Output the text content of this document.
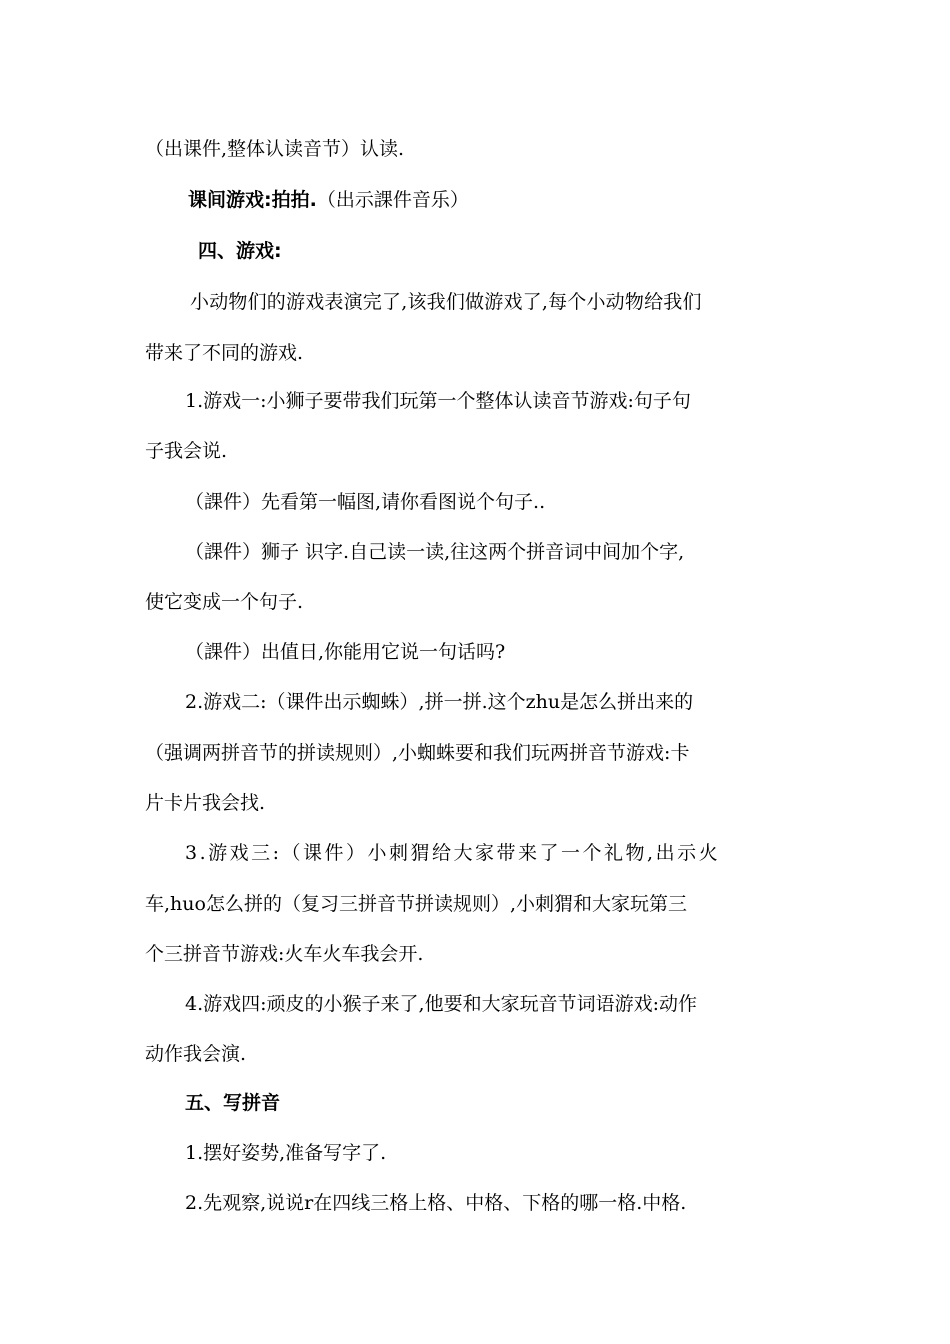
（出课件,整体认读音节）认读.
课间游戏:拍拍.（出示課件音乐）
四、游戏:
小动物们的游戏表演完了,该我们做游戏了,每个小动物给我们
带来了不同的游戏.
1.游戏一:小狮子要带我们玩第一个整体认读音节游戏:句子句
子我会说.
（課件）先看第一幅图,请你看图说个句子..
（課件）狮子 识字.自己读一读,往这两个拼音词中间加个字,
使它变成一个句子.
（課件）出值日,你能用它说一句话吗?
2.游戏二:（课件出示蜘蛛）,拼一拼.这个zhu是怎么拼出来的
（强调两拼音节的拼读规则）,小蜘蛛要和我们玩两拼音节游戏:卡
片卡片我会找.
3.游戏三:（课件）小刺猬给大家带来了一个礼物,出示火
车,huo怎么拼的（复习三拼音节拼读规则）,小刺猬和大家玩第三
个三拼音节游戏:火车火车我会开.
4.游戏四:顽皮的小猴子来了,他要和大家玩音节词语游戏:动作
动作我会演.
五、写拼音
1.摆好姿势,准备写字了.
2.先观察,说说r在四线三格上格、中格、下格的哪一格.中格.
